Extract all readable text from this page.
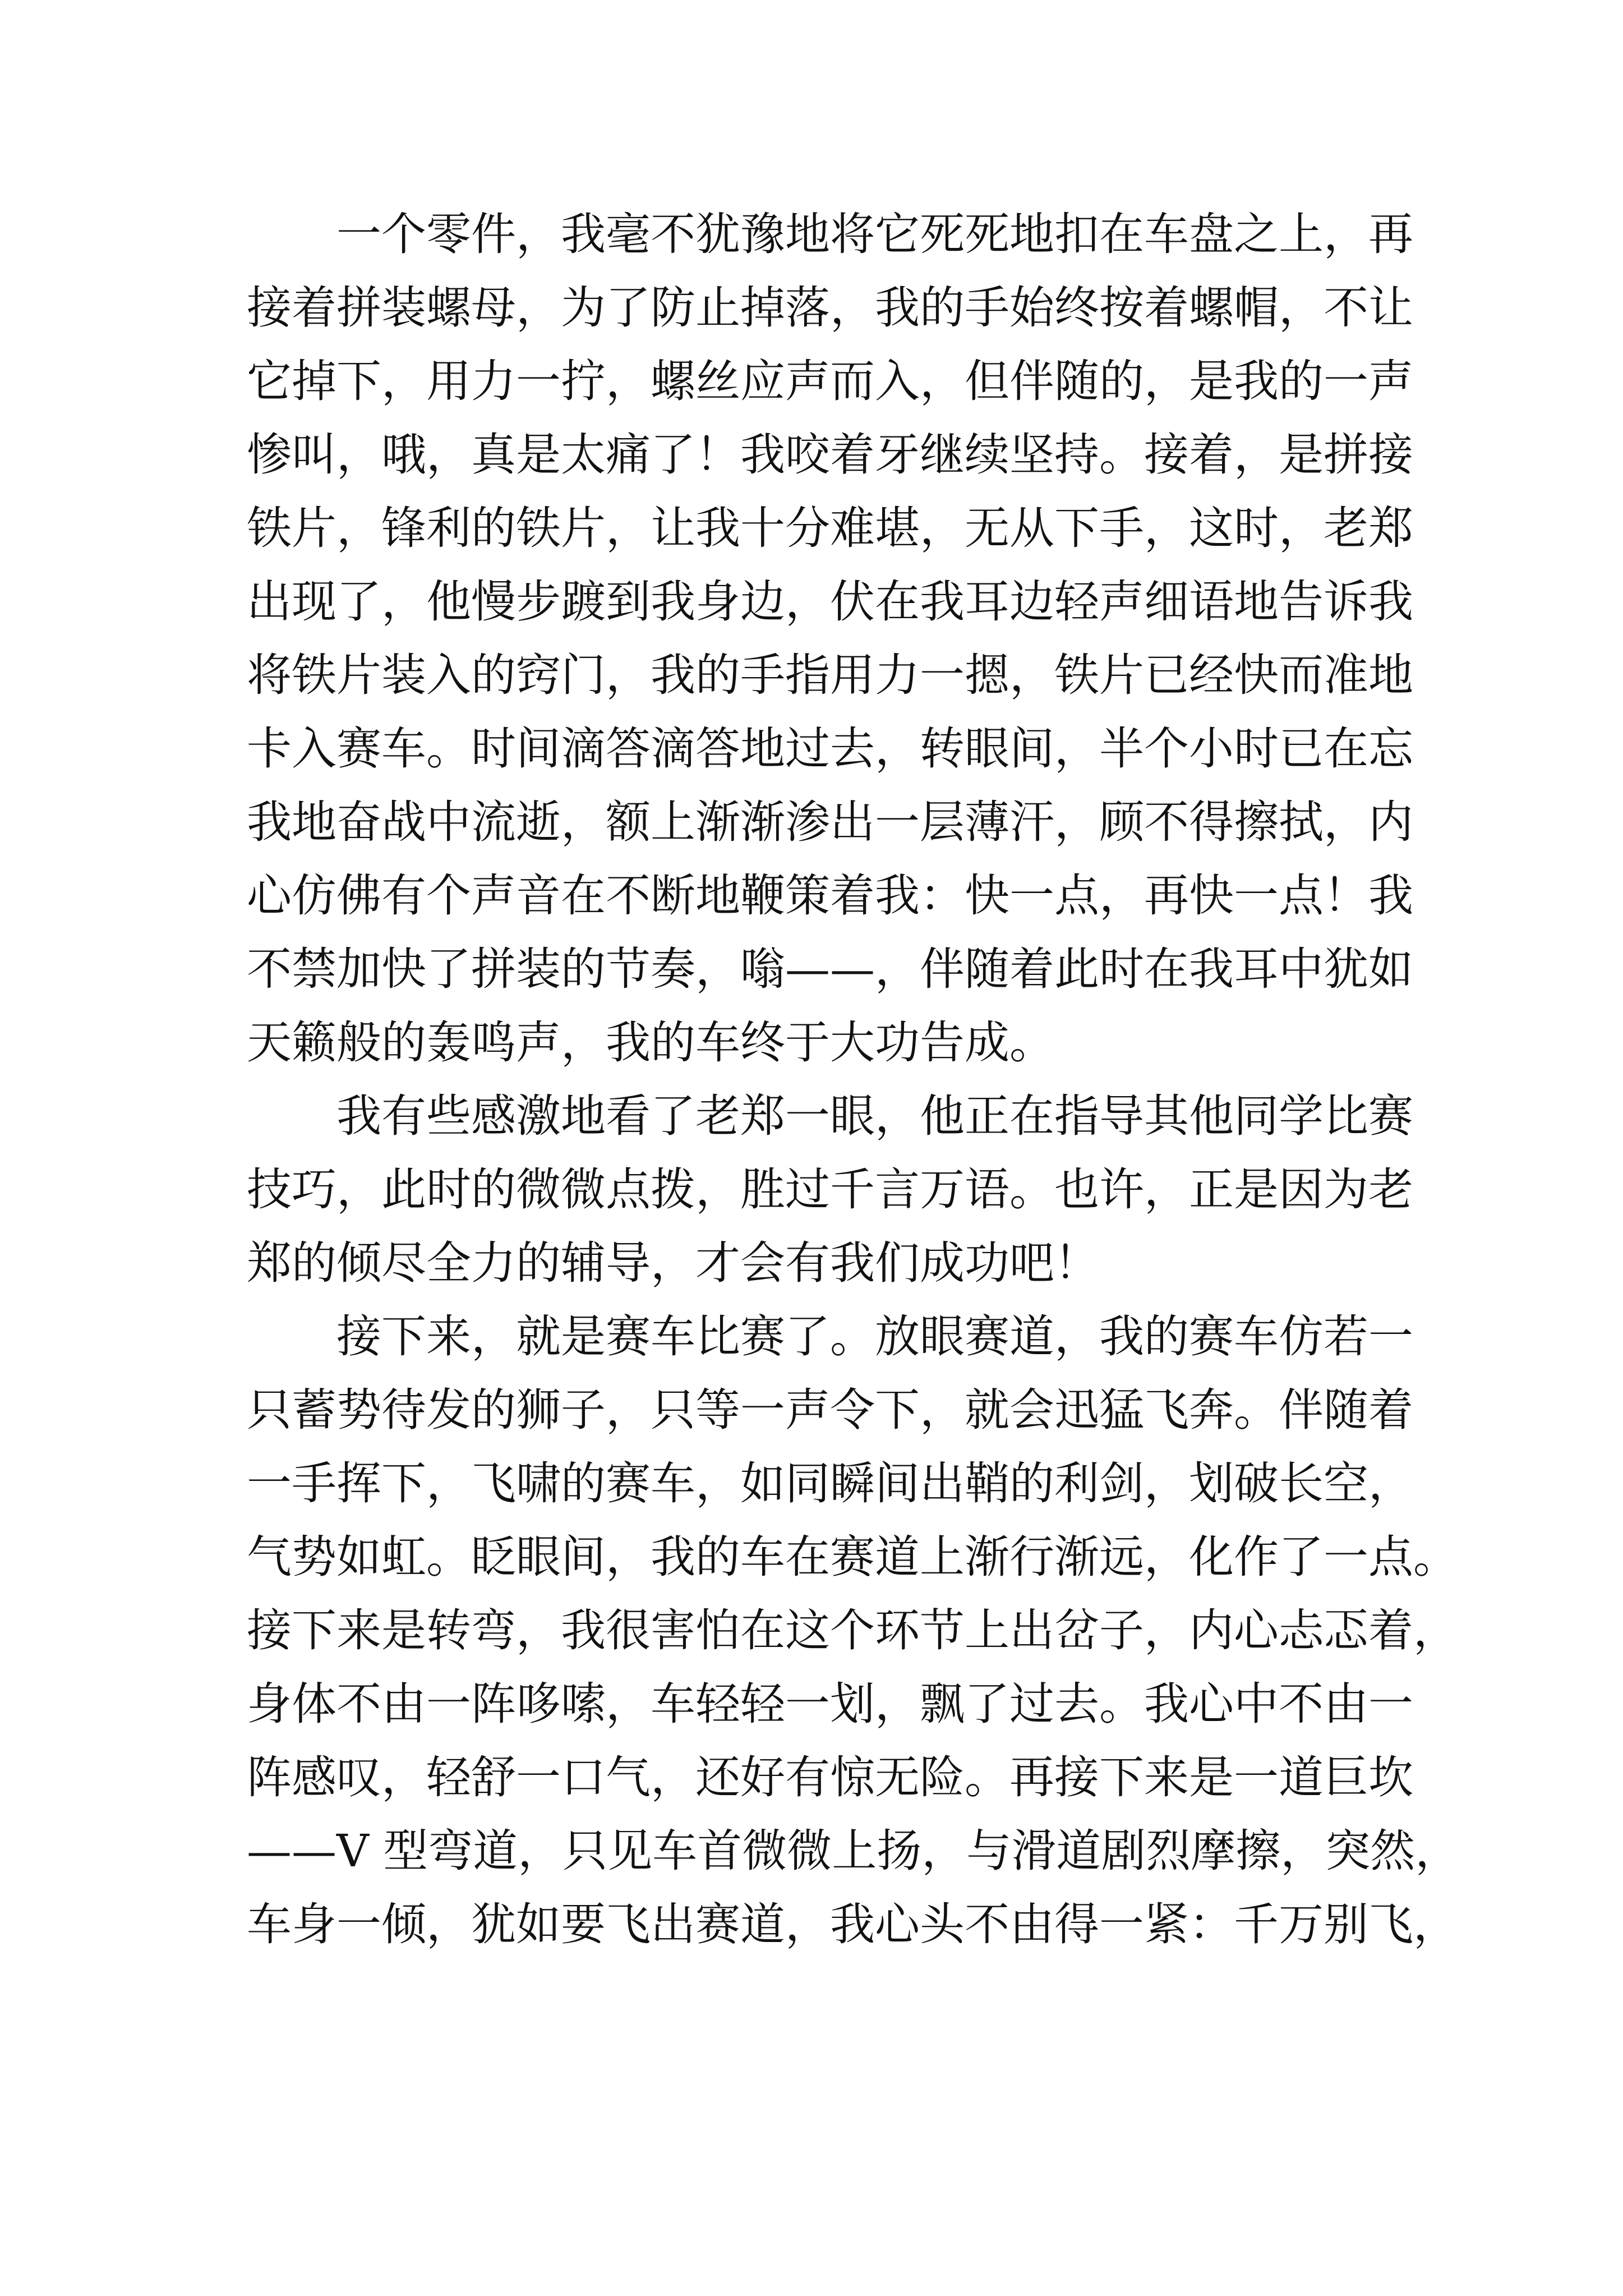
　　一个零件，我毫不犹豫地将它死死地扣在车盘之上，再
接着拼装螺母，为了防止掉落，我的手始终按着螺帽，不让
它掉下，用力一拧，螺丝应声而入，但伴随的，是我的一声
惨叫，哦，真是太痛了！我咬着牙继续坚持。接着，是拼接
铁片，锋利的铁片，让我十分难堪，无从下手，这时，老郑
出现了，他慢步踱到我身边，伏在我耳边轻声细语地告诉我
将铁片装入的窍门，我的手指用力一摁，铁片已经快而准地
卡入赛车。时间滴答滴答地过去，转眼间，半个小时已在忘
我地奋战中流逝，额上渐渐渗出一层薄汗，顾不得擦拭，内
心仿佛有个声音在不断地鞭策着我：快一点，再快一点！我
不禁加快了拼装的节奏，嗡——，伴随着此时在我耳中犹如
天籁般的轰鸣声，我的车终于大功告成。
　　我有些感激地看了老郑一眼，他正在指导其他同学比赛
技巧，此时的微微点拨，胜过千言万语。也许，正是因为老
郑的倾尽全力的辅导，才会有我们成功吧！
　　接下来，就是赛车比赛了。放眼赛道，我的赛车仿若一
只蓄势待发的狮子，只等一声令下，就会迅猛飞奔。伴随着
一手挥下，飞啸的赛车，如同瞬间出鞘的利剑，划破长空，
气势如虹。眨眼间，我的车在赛道上渐行渐远，化作了一点。
接下来是转弯，我很害怕在这个环节上出岔子，内心忐忑着，
身体不由一阵哆嗦，车轻轻一划，飘了过去。我心中不由一
阵感叹，轻舒一口气，还好有惊无险。再接下来是一道巨坎
——V 型弯道，只见车首微微上扬，与滑道剧烈摩擦，突然，
车身一倾，犹如要飞出赛道，我心头不由得一紧：千万别飞，
